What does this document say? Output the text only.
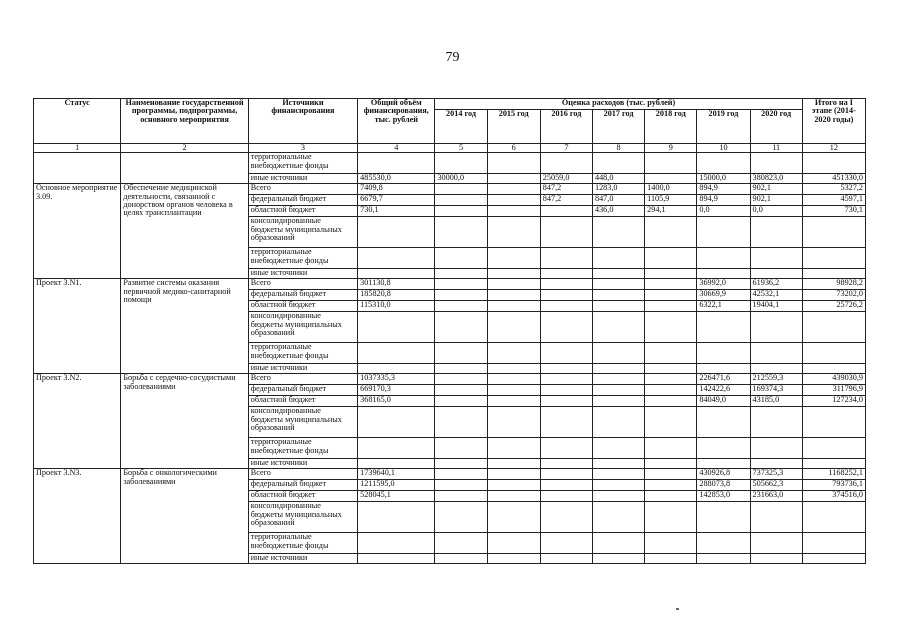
79
Статус	Наименование государственной программы, подпрограммы, основного мероприятия	Источники финансирования	Общий объём финансирования, тыс. рублей	Оценка расходов (тыс. рублей)							Итого на I этапе (2014-2020 годы)
				2014 год	2015 год	2016 год	2017 год	2018 год	2019 год	2020 год	
1	2	3	4	5	6	7	8	9	10	11	12
		территориальные внебюджетные фонды									
		иные источники	485530,0	30000,0		25059,0	448,0		15000,0	380823,0	451330,0
Основное мероприятие 3.09.	Обеспечение медицинской деятельности, связанной с донорством органов человека в целях трансплантации	Всего	7409,8			847,2	1283,0	1400,0	894,9	902,1	5327,2
		федеральный бюджет	6679,7			847,2	847,0	1105,9	894,9	902,1	4597,1
		областной бюджет	730,1				436,0	294,1	0,0	0,0	730,1
		консолидированные бюджеты муниципальных образований									
		территориальные внебюджетные фонды									
		иные источники									
Проект 3.N1.	Развитие системы оказания первичной медико-санитарной помощи	Всего	301130,8						36992,0	61936,2	98928,2
		федеральный бюджет	185820,8						30669,9	42532,1	73202,0
		областной бюджет	115310,0						6322,1	19404,1	25726,2
		консолидированные бюджеты муниципальных образований									
		территориальные внебюджетные фонды									
		иные источники									
Проект 3.N2.	Борьба с сердечно-сосудистыми заболеваниями	Всего	1037335,3						226471,6	212559,3	439030,9
		федеральный бюджет	669170,3						142422,6	169374,3	311796,9
		областной бюджет	368165,0						84049,0	43185,0	127234,0
		консолидированные бюджеты муниципальных образований									
		территориальные внебюджетные фонды									
		иные источники									
Проект 3.N3.	Борьба с онкологическими заболеваниями	Всего	1739640,1						430926,8	737325,3	1168252,1
		федеральный бюджет	1211595,0						288073,8	505662,3	793736,1
		областной бюджет	528045,1						142853,0	231663,0	374516,0
		консолидированные бюджеты муниципальных образований									
		территориальные внебюджетные фонды									
		иные источники									
